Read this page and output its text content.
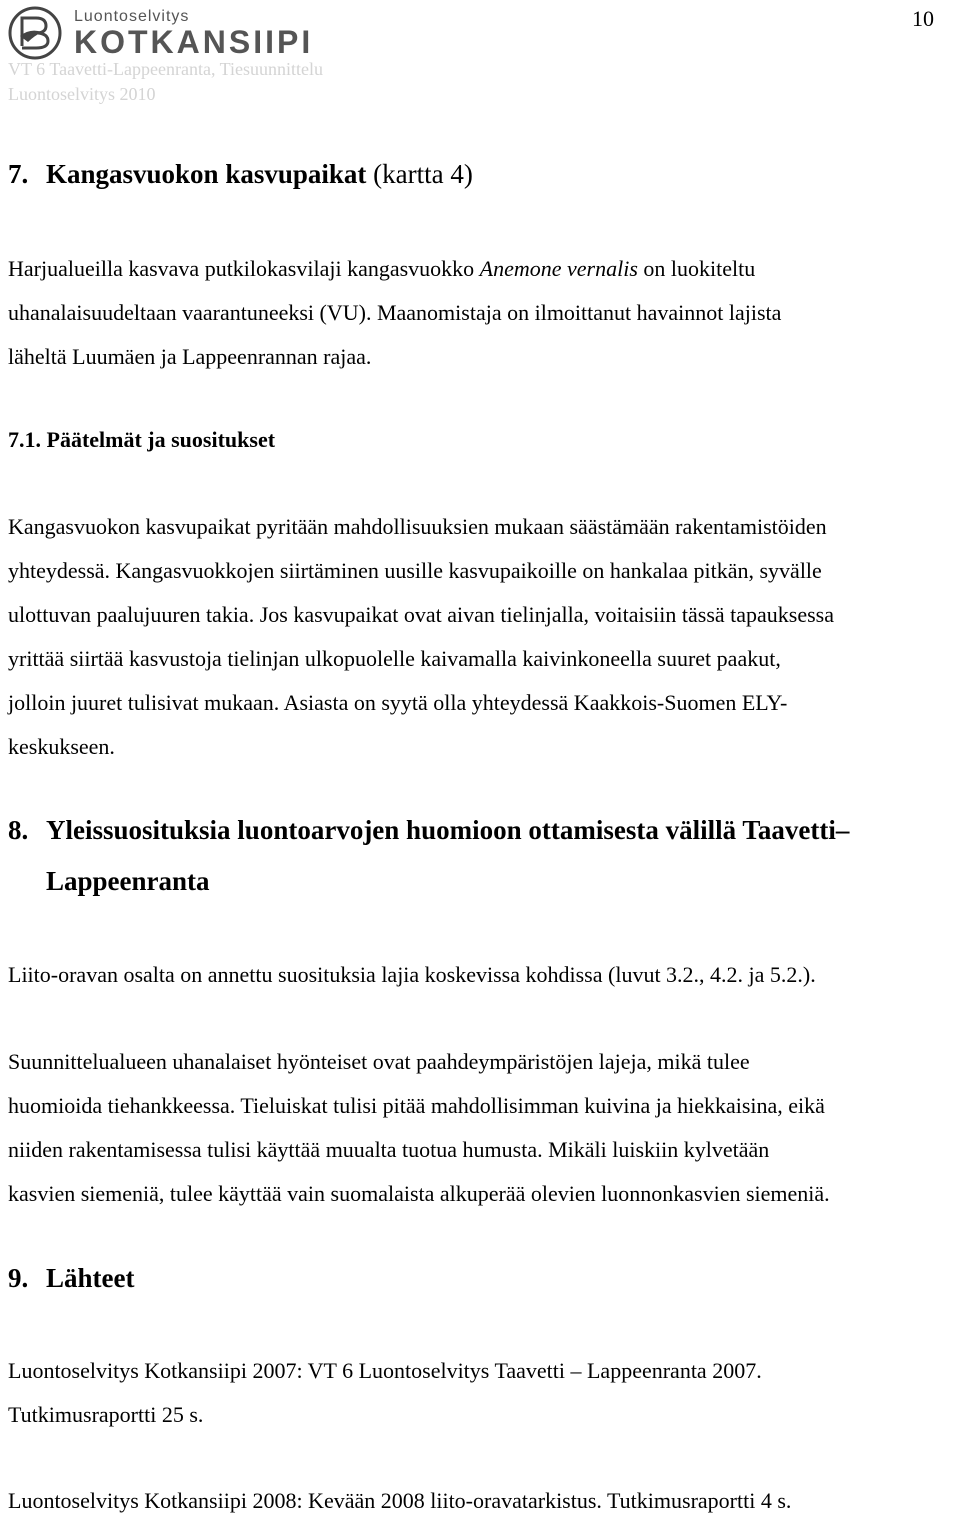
Luontoselvitys
KOTKANSIIPI
VT 6 Taavetti-Lappeenranta, Tiesuunnittelu
Luontoselvitys 2010
10
7. Kangasvuokon kasvupaikat (kartta 4)
Harjualueilla kasvava putkilokasvilaji kangasvuokko Anemone vernalis on luokiteltu
uhanalaisuudeltaan vaarantuneeksi (VU). Maanomistaja on ilmoittanut havainnot lajista
läheltä Luumäen ja Lappeenrannan rajaa.
7.1. Päätelmät ja suositukset
Kangasvuokon kasvupaikat pyritään mahdollisuuksien mukaan säästämään rakentamistöiden
yhteydessä. Kangasvuokkojen siirtäminen uusille kasvupaikoille on hankalaa pitkän, syvälle
ulottuvan paalujuuren takia. Jos kasvupaikat ovat aivan tielinjalla, voitaisiin tässä tapauksessa
yrittää siirtää kasvustoja tielinjan ulkopuolelle kaivamalla kaivinkoneella suuret paakut,
jolloin juuret tulisivat mukaan. Asiasta on syytä olla yhteydessä Kaakkois-Suomen ELY-
keskukseen.
8. Yleissuosituksia luontoarvojen huomioon ottamisesta välillä Taavetti–
Lappeenranta
Liito-oravan osalta on annettu suosituksia lajia koskevissa kohdissa (luvut 3.2., 4.2. ja 5.2.).
Suunnittelualueen uhanalaiset hyönteiset ovat paahdeympäristöjen lajeja, mikä tulee
huomioida tiehankkeessa. Tieluiskat tulisi pitää mahdollisimman kuivina ja hiekkaisina, eikä
niiden rakentamisessa tulisi käyttää muualta tuotua humusta. Mikäli luiskiin kylvetään
kasvien siemeniä, tulee käyttää vain suomalaista alkuperää olevien luonnonkasvien siemeniä.
9. Lähteet
Luontoselvitys Kotkansiipi 2007: VT 6 Luontoselvitys Taavetti – Lappeenranta 2007.
Tutkimusraportti 25 s.
Luontoselvitys Kotkansiipi 2008: Kevään 2008 liito-oravatarkistus. Tutkimusraportti 4 s.
